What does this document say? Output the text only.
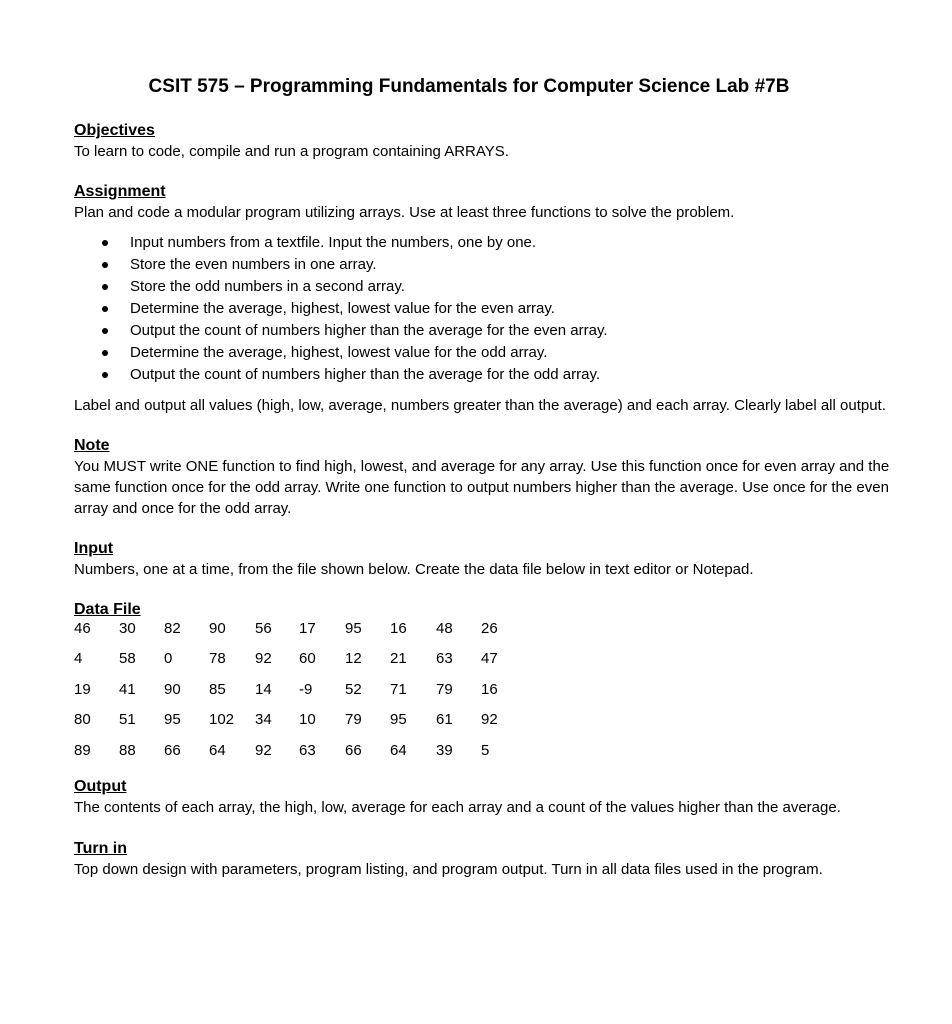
CSIT 575 – Programming Fundamentals for Computer Science Lab #7B

Objectives

To learn to code, compile and run a program containing ARRAYS.

Assignment

Plan and code a modular program utilizing arrays. Use at least three functions to solve the problem.

Input numbers from a textfile. Input the numbers, one by one.
Store the even numbers in one array.
Store the odd numbers in a second array.
Determine the average, highest, lowest value for the even array.
Output the count of numbers higher than the average for the even array.
Determine the average, highest, lowest value for the odd array.
Output the count of numbers higher than the average for the odd array.

Label and output all values (high, low, average, numbers greater than the average) and each array. Clearly label all output.

Note

You MUST write ONE function to find high, lowest, and average for any array. Use this function once for even array and the same function once for the odd array. Write one function to output numbers higher than the average. Use once for the even array and once for the odd array.

Input

Numbers, one at a time, from the file shown below. Create the data file below in text editor or Notepad.

Data File

46	30	82	90	56	17	95	16	48	26
4	58	0	78	92	60	12	21	63	47
19	41	90	85	14	-9	52	71	79	16
80	51	95	102	34	10	79	95	61	92
89	88	66	64	92	63	66	64	39	5

Output

The contents of each array, the high, low, average for each array and a count of the values higher than the average.

Turn in

Top down design with parameters, program listing, and program output. Turn in all data files used in the program.
